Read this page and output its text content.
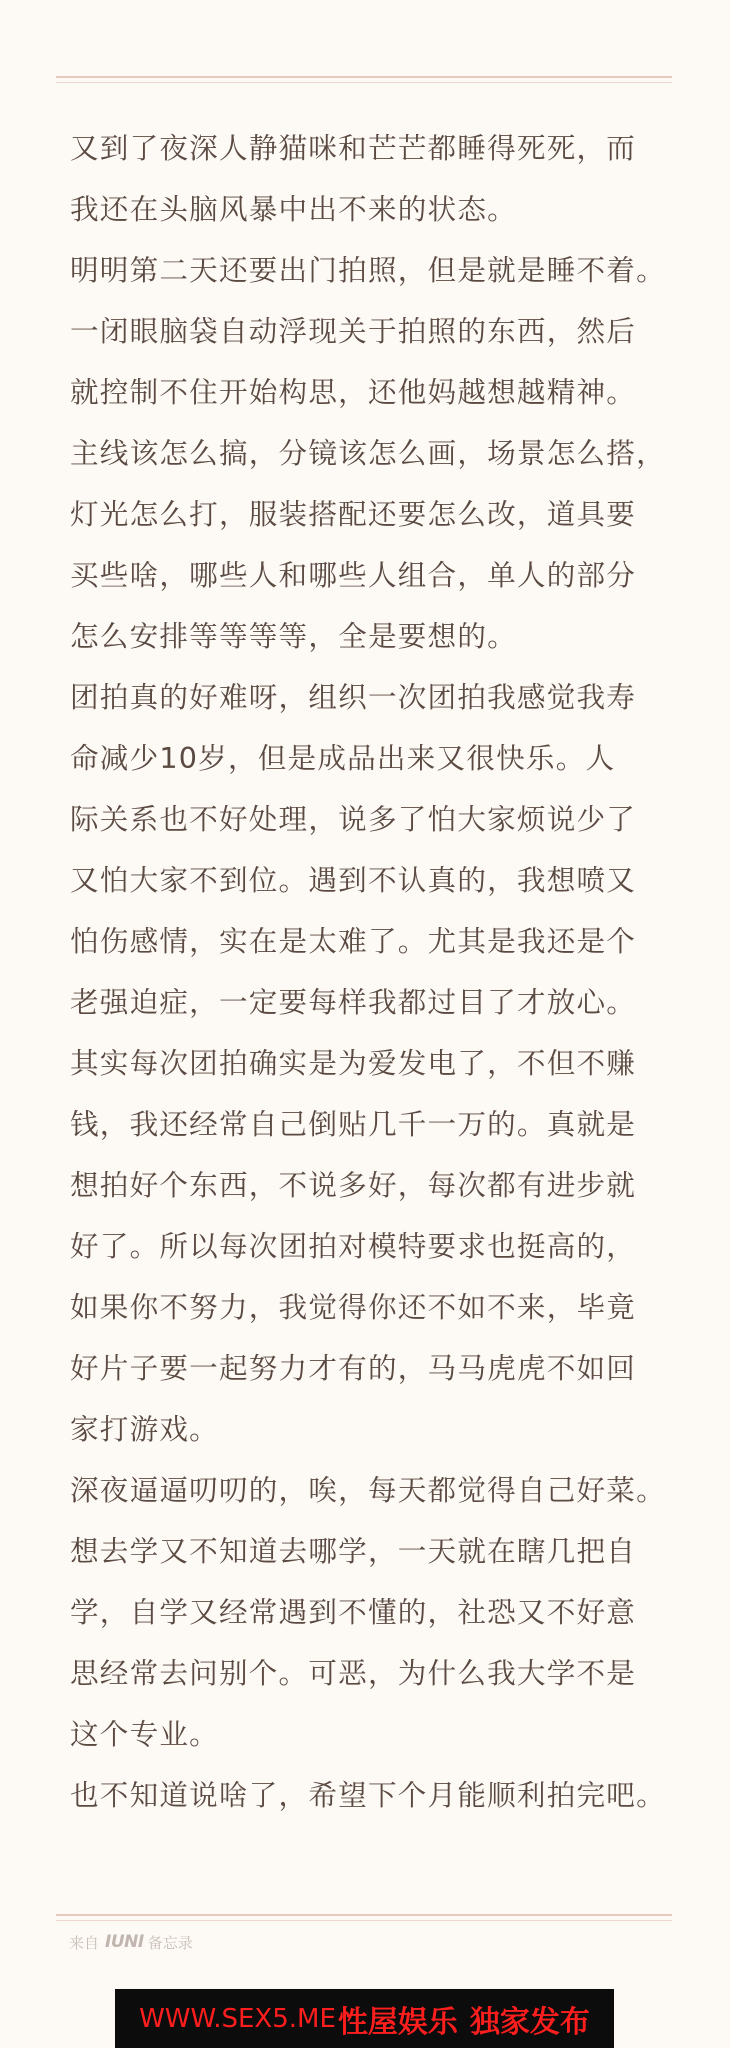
又到了夜深人静猫咪和芒芒都睡得死死，而
我还在头脑风暴中出不来的状态。
明明第二天还要出门拍照，但是就是睡不着。
一闭眼脑袋自动浮现关于拍照的东西，然后
就控制不住开始构思，还他妈越想越精神。
主线该怎么搞，分镜该怎么画，场景怎么搭，
灯光怎么打，服装搭配还要怎么改，道具要
买些啥，哪些人和哪些人组合，单人的部分
怎么安排等等等等，全是要想的。
团拍真的好难呀，组织一次团拍我感觉我寿
命减少10岁，但是成品出来又很快乐。人
际关系也不好处理，说多了怕大家烦说少了
又怕大家不到位。遇到不认真的，我想喷又
怕伤感情，实在是太难了。尤其是我还是个
老强迫症，一定要每样我都过目了才放心。
其实每次团拍确实是为爱发电了，不但不赚
钱，我还经常自己倒贴几千一万的。真就是
想拍好个东西，不说多好，每次都有进步就
好了。所以每次团拍对模特要求也挺高的，
如果你不努力，我觉得你还不如不来，毕竟
好片子要一起努力才有的，马马虎虎不如回
家打游戏。
深夜逼逼叨叨的，唉，每天都觉得自己好菜。
想去学又不知道去哪学，一天就在瞎几把自
学，自学又经常遇到不懂的，社恐又不好意
思经常去问别个。可恶，为什么我大学不是
这个专业。
也不知道说啥了，希望下个月能顺利拍完吧。
来自 IUNI 备忘录
WWW.SEX5.ME 性屋娱乐 独家发布
